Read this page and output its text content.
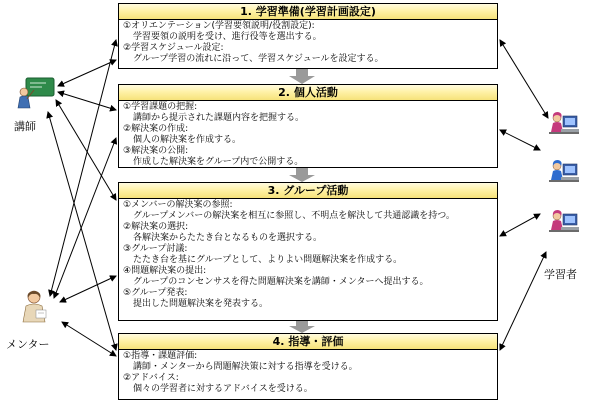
講師
メンター
学習者
1. 学習準備(学習計画設定)
①オリエンテーション(学習要領説明/役割設定):
学習要領の説明を受け、進行役等を選出する。
②学習スケジュール設定:
グループ学習の流れに沿って、学習スケジュールを設定する。
2. 個人活動
①学習課題の把握:
講師から提示された課題内容を把握する。
②解決案の作成:
個人の解決案を作成する。
③解決案の公開:
作成した解決案をグループ内で公開する。
3. グループ活動
①メンバーの解決案の参照:
グループメンバーの解決案を相互に参照し、不明点を解決して共通認識を持つ。
②解決案の選択:
各解決案からたたき台となるものを選択する。
③グループ討議:
たたき台を基にグループとして、よりよい問題解決案を作成する。
④問題解決案の提出:
グループのコンセンサスを得た問題解決案を講師・メンターへ提出する。
⑤グループ発表:
提出した問題解決案を発表する。
4. 指導・評価
①指導・課題評価:
講師・メンターから問題解決策に対する指導を受ける。
②アドバイス:
個々の学習者に対するアドバイスを受ける。
